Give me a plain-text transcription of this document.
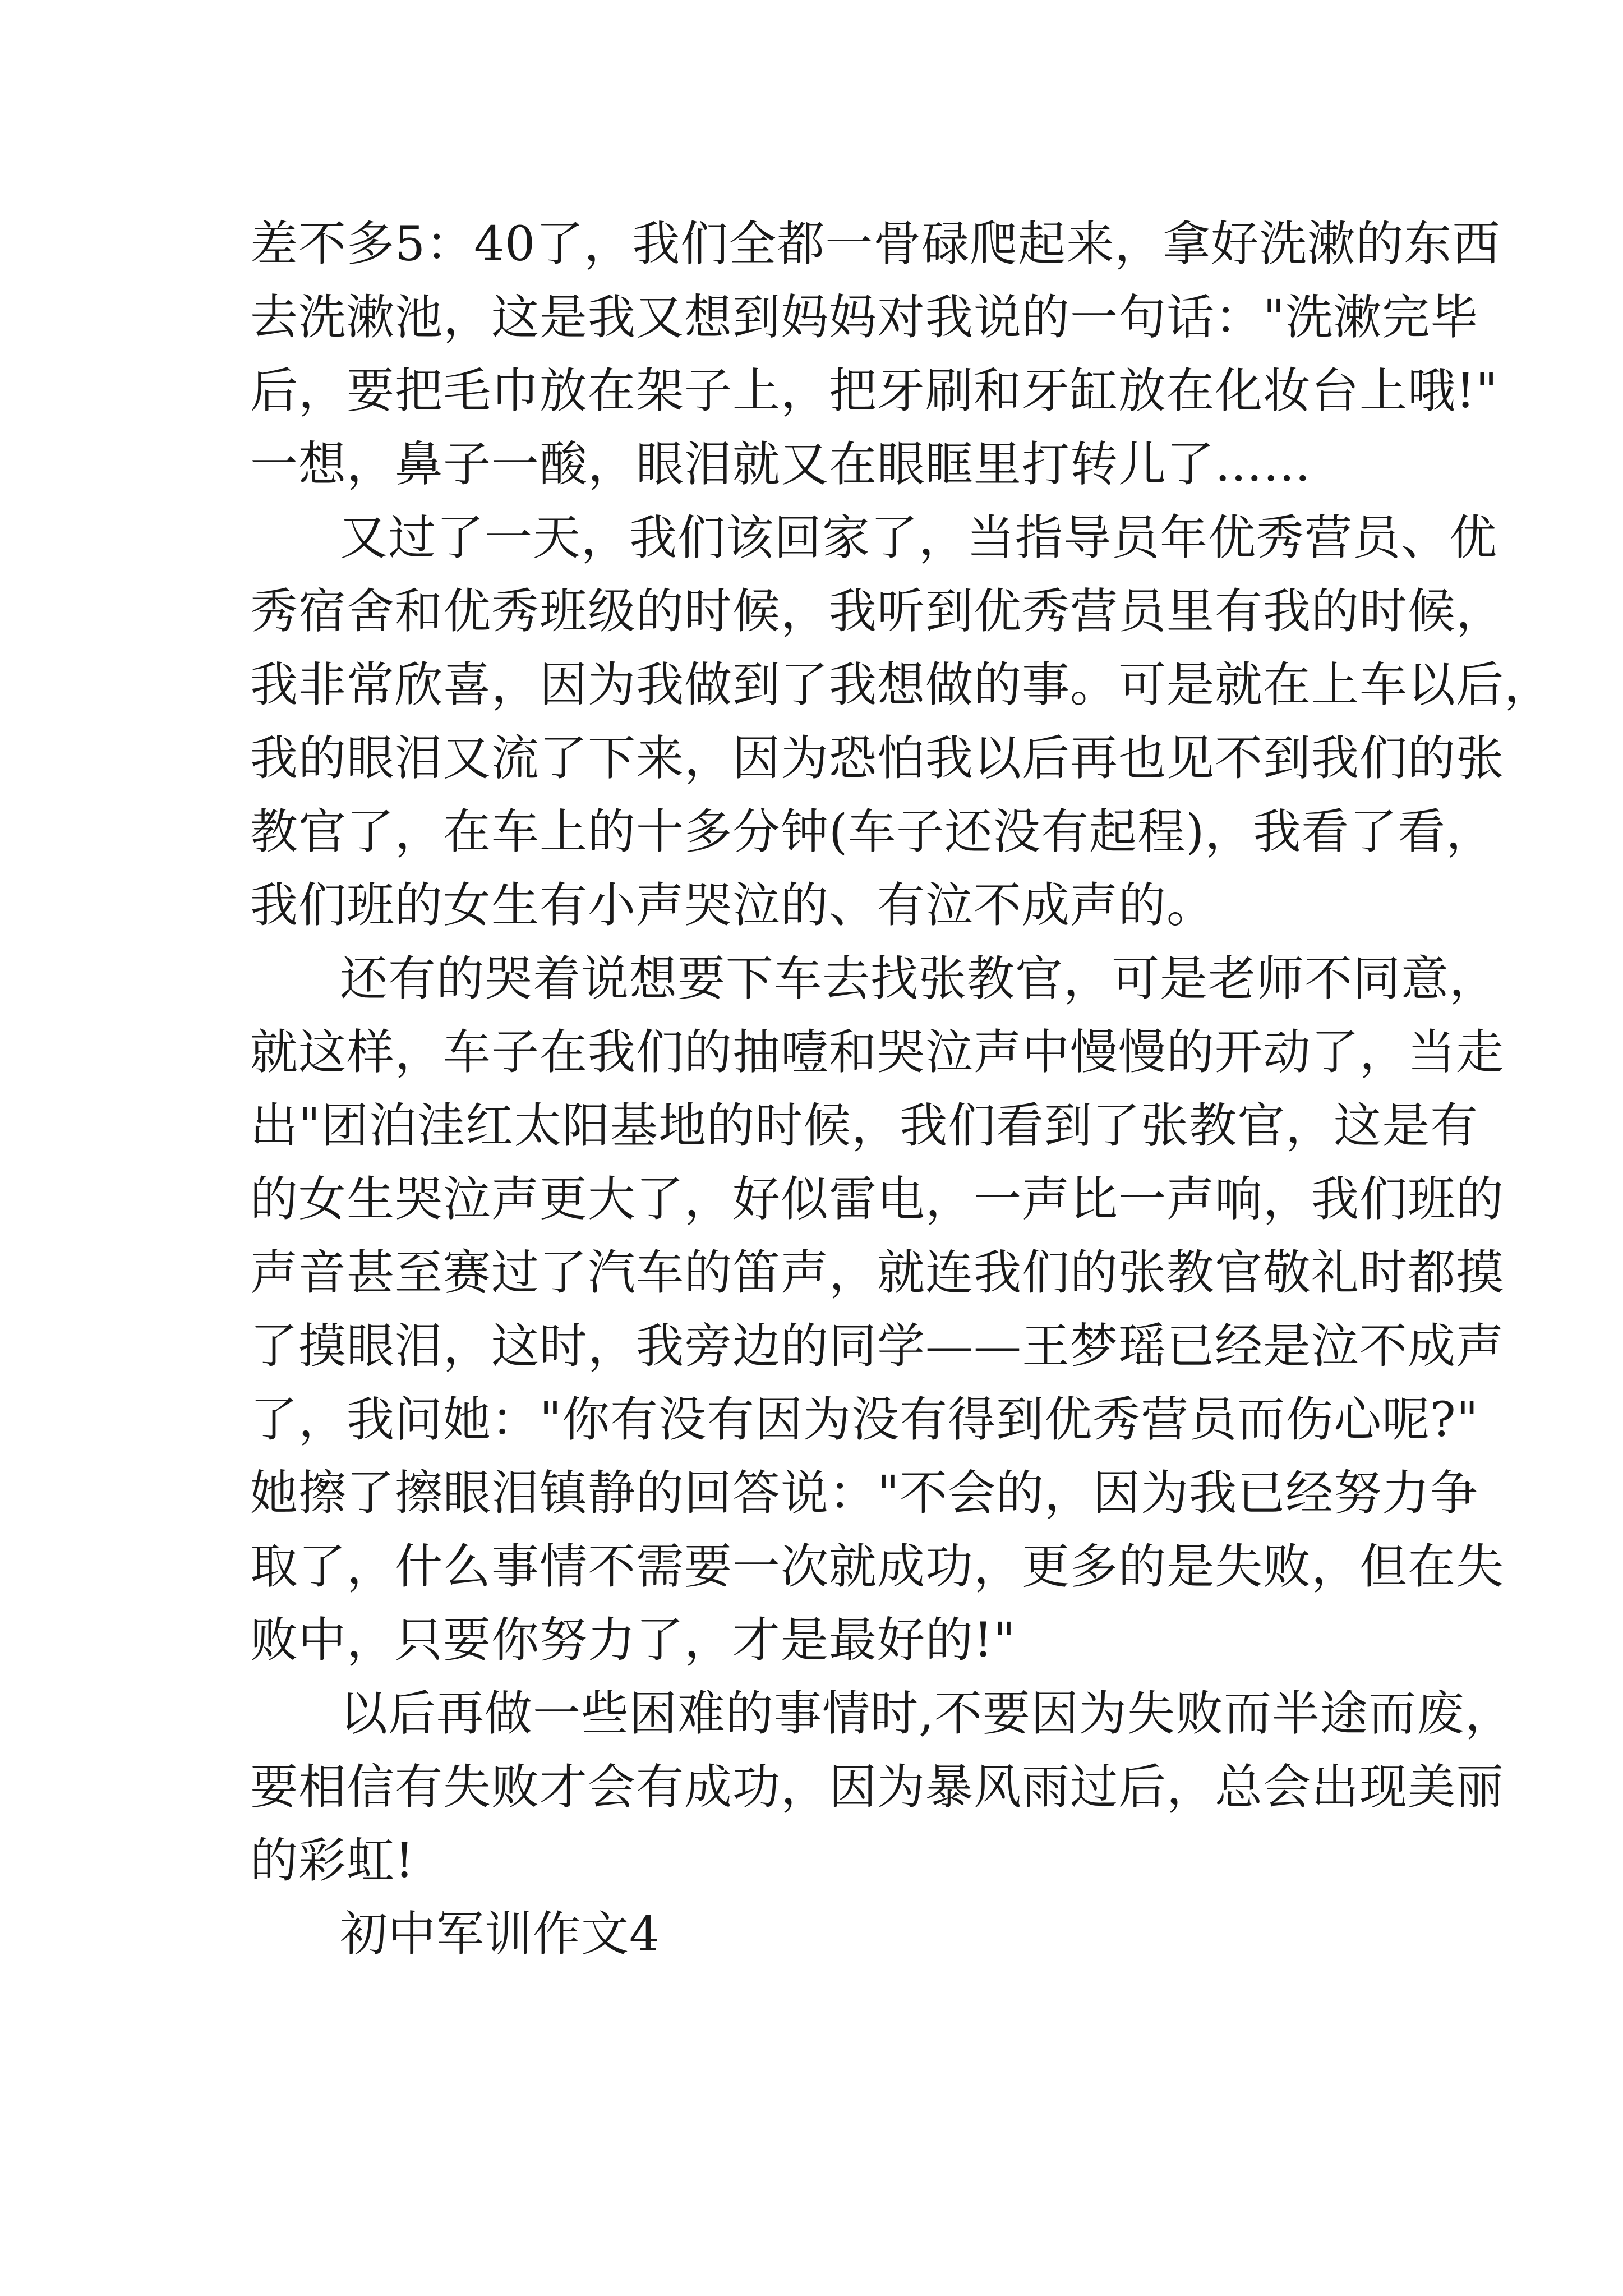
差不多5：40了，我们全都一骨碌爬起来，拿好洗漱的东西
去洗漱池，这是我又想到妈妈对我说的一句话："洗漱完毕
后，要把毛巾放在架子上，把牙刷和牙缸放在化妆台上哦!"
一想，鼻子一酸，眼泪就又在眼眶里打转儿了……
又过了一天，我们该回家了，当指导员年优秀营员、优
秀宿舍和优秀班级的时候，我听到优秀营员里有我的时候，
我非常欣喜，因为我做到了我想做的事。可是就在上车以后，
我的眼泪又流了下来，因为恐怕我以后再也见不到我们的张
教官了，在车上的十多分钟(车子还没有起程)，我看了看，
我们班的女生有小声哭泣的、有泣不成声的。
还有的哭着说想要下车去找张教官，可是老师不同意，
就这样，车子在我们的抽噎和哭泣声中慢慢的开动了，当走
出"团泊洼红太阳基地的时候，我们看到了张教官，这是有
的女生哭泣声更大了，好似雷电，一声比一声响，我们班的
声音甚至赛过了汽车的笛声，就连我们的张教官敬礼时都摸
了摸眼泪，这时，我旁边的同学——王梦瑶已经是泣不成声
了，我问她："你有没有因为没有得到优秀营员而伤心呢?"
她擦了擦眼泪镇静的回答说："不会的，因为我已经努力争
取了，什么事情不需要一次就成功，更多的是失败，但在失
败中，只要你努力了，才是最好的!"
以后再做一些困难的事情时,不要因为失败而半途而废，
要相信有失败才会有成功，因为暴风雨过后，总会出现美丽
的彩虹!
初中军训作文4
